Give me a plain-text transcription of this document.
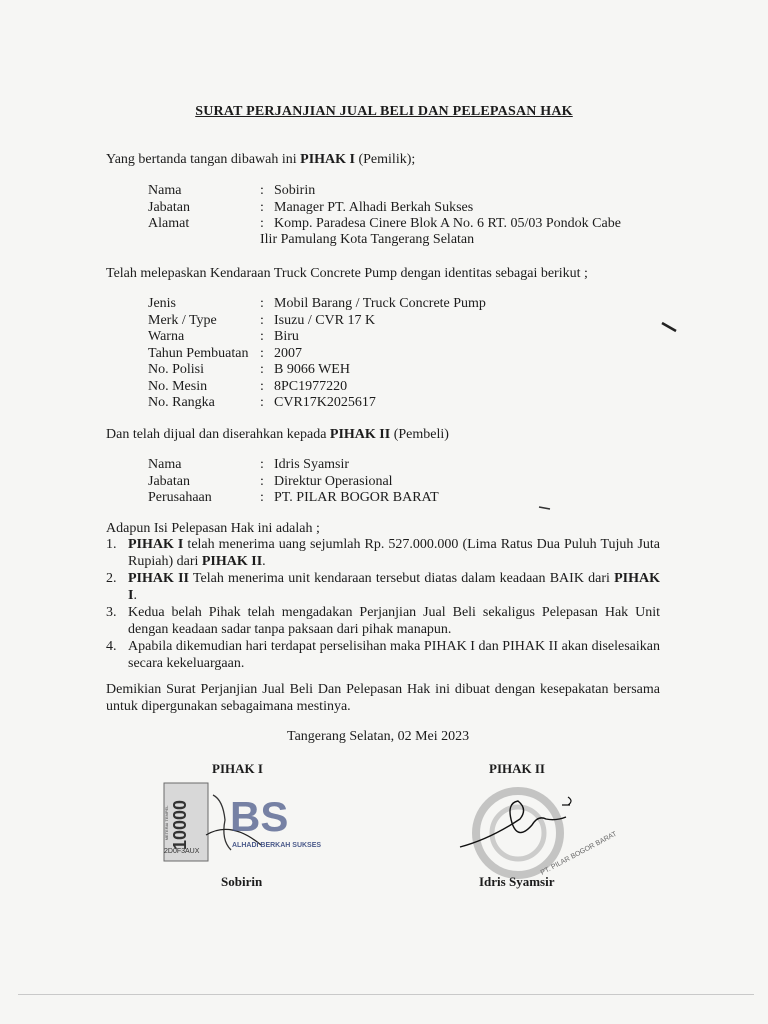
SURAT PERJANJIAN JUAL BELI DAN PELEPASAN HAK
Yang bertanda tangan dibawah ini PIHAK I (Pemilik);
Nama	: Sobirin
Jabatan	: Manager PT. Alhadi Berkah Sukses
Alamat	: Komp. Paradesa Cinere Blok A No. 6 RT. 05/03 Pondok Cabe
Ilir Pamulang Kota Tangerang Selatan
Telah melepaskan Kendaraan Truck Concrete Pump dengan identitas sebagai berikut ;
Jenis	: Mobil Barang / Truck Concrete Pump
Merk / Type	: Isuzu / CVR 17 K
Warna	: Biru
Tahun Pembuatan : 2007
No. Polisi	: B 9066 WEH
No. Mesin	: 8PC1977220
No. Rangka	: CVR17K2025617
Dan telah dijual dan diserahkan kepada PIHAK II (Pembeli)
Nama	: Idris Syamsir
Jabatan	: Direktur Operasional
Perusahaan	: PT. PILAR BOGOR BARAT
Adapun Isi Pelepasan Hak ini adalah ;
1. PIHAK I telah menerima uang sejumlah Rp. 527.000.000 (Lima Ratus Dua Puluh Tujuh Juta Rupiah) dari PIHAK II.
2. PIHAK II Telah menerima unit kendaraan tersebut diatas dalam keadaan BAIK dari PIHAK I.
3. Kedua belah Pihak telah mengadakan Perjanjian Jual Beli sekaligus Pelepasan Hak Unit dengan keadaan sadar tanpa paksaan dari pihak manapun.
4. Apabila dikemudian hari terdapat perselisihan maka PIHAK I dan PIHAK II akan diselesaikan secara kekeluargaan.
Demikian Surat Perjanjian Jual Beli Dan Pelepasan Hak ini dibuat dengan kesepakatan bersama untuk dipergunakan sebagaimana mestinya.
Tangerang Selatan, 02 Mei 2023
PIHAK I	PIHAK II
10000
METERAI TEMPEL
2D0F3AUX
BS
ALHADI BERKAH SUKSES	PT. PILAR BOGOR BARAT
Sobirin	Idris Syamsir
